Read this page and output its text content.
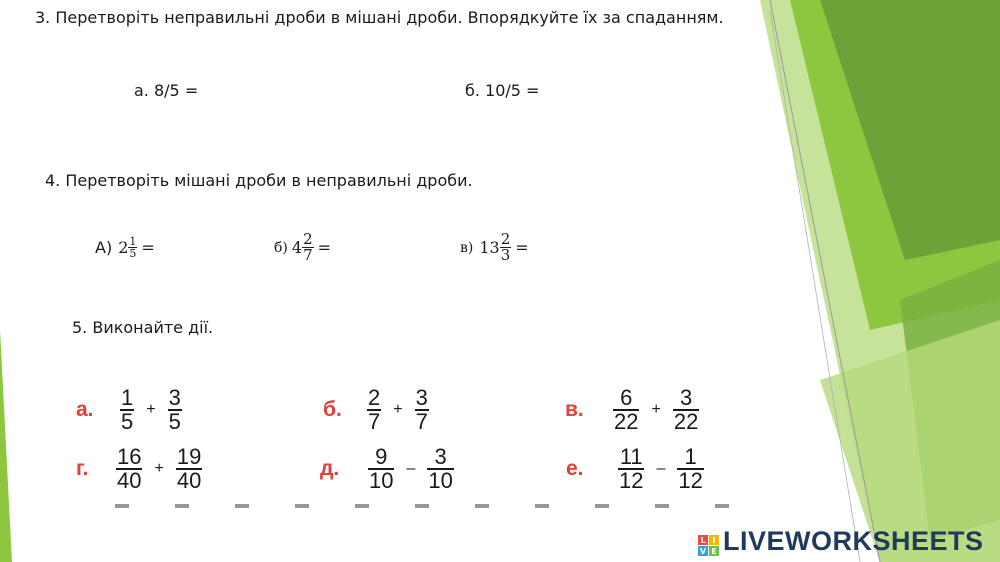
3. Перетворіть неправильні дроби в мішані дроби. Впорядкуйте їх за спаданням.
а. 8/5 =	б. 10/5 =
4. Перетворіть мішані дроби в неправильні дроби.
А) $2 \frac{1}{5}$ =	б) $4 \frac{2}{7}$ =	в) $13 \frac{2}{3}$ =
5. Виконайте дії.
а.	$\frac{1}{5} + \frac{3}{5}$	б.	$\frac{2}{7} + \frac{3}{7}$	в.	$\frac{6}{22} + \frac{3}{22}$
г.	$\frac{16}{40} + \frac{19}{40}$	д.	$\frac{9}{10} - \frac{3}{10}$	е.	$\frac{11}{12} - \frac{1}{12}$
L I
V E LIVEWORKSHEETS
